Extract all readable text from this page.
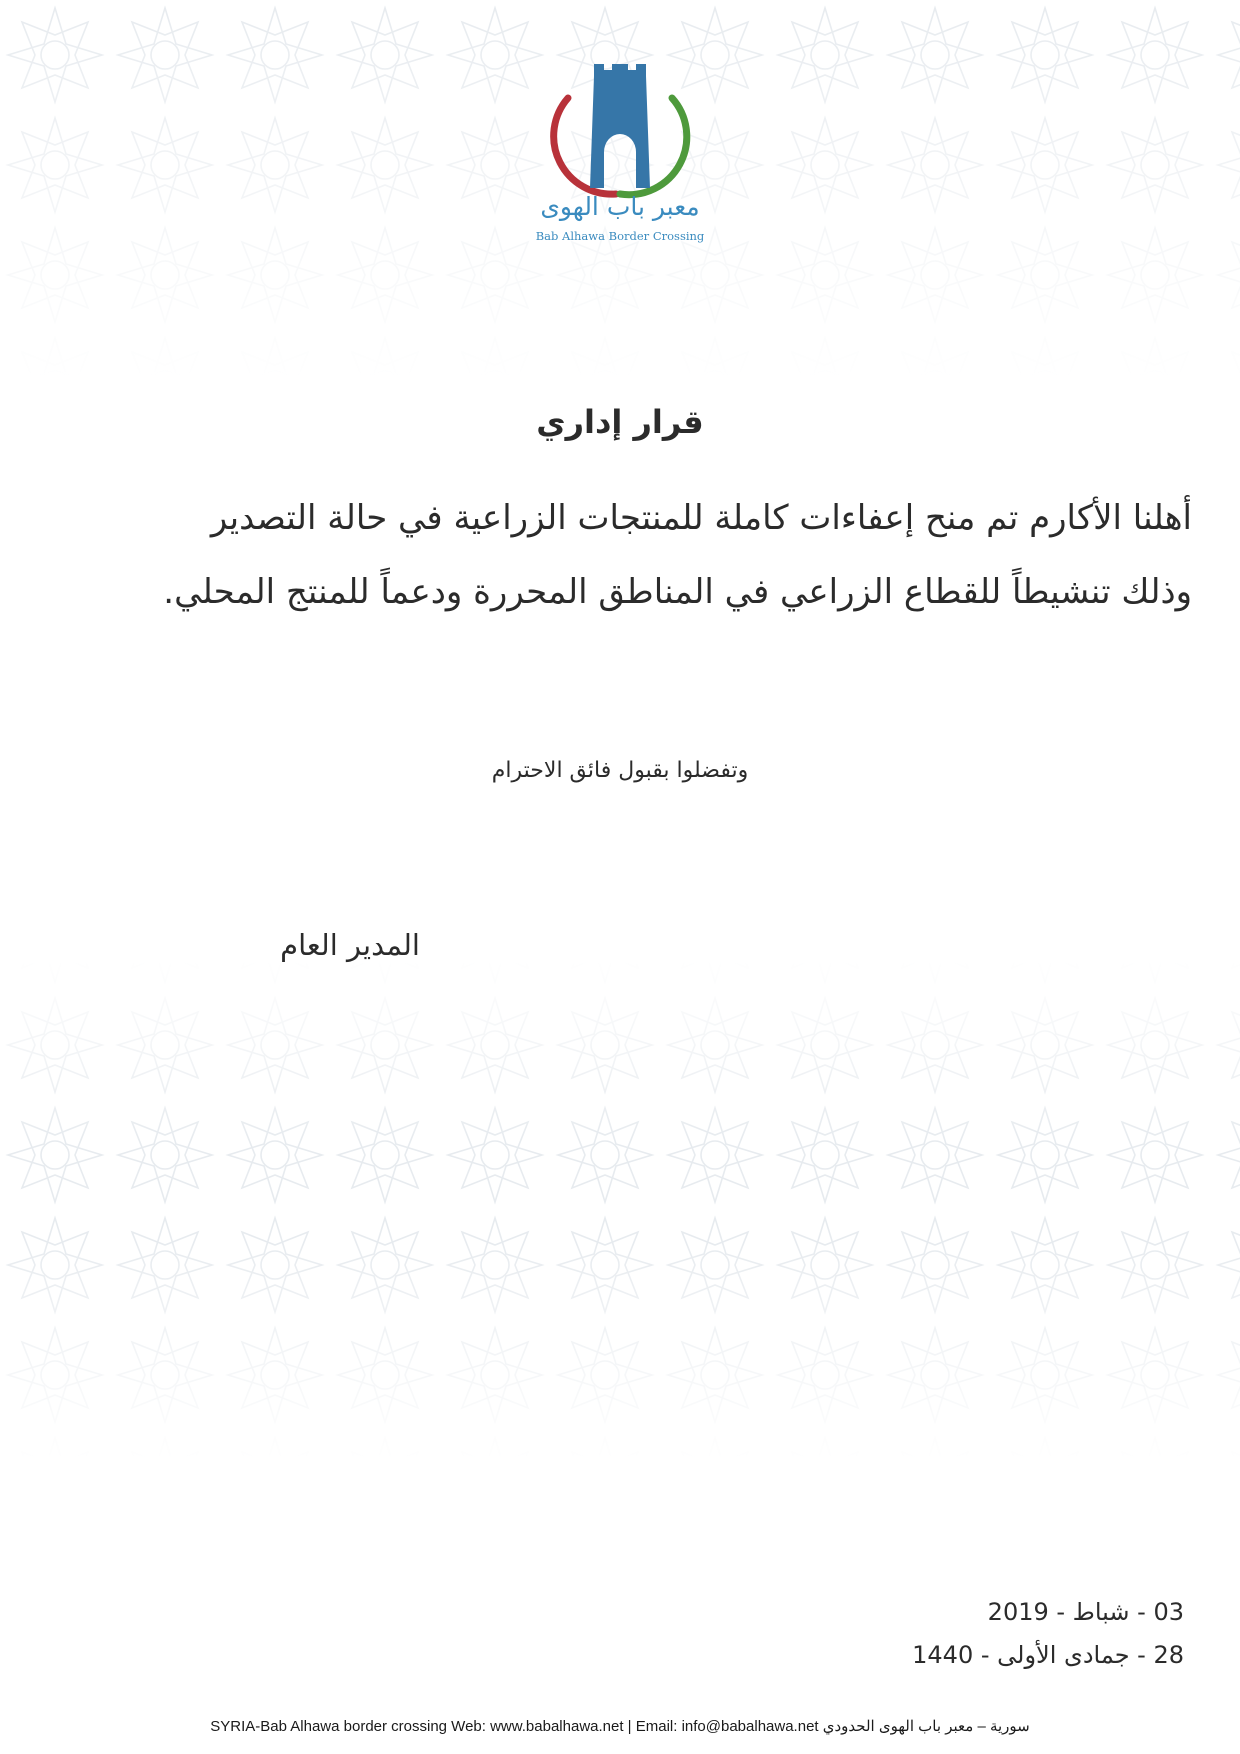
معبر باب الهوى
Bab Alhawa Border Crossing
قرار إداري
أهلنا الأكارم تم منح إعفاءات كاملة للمنتجات الزراعية في حالة التصدير
وذلك تنشيطاً للقطاع الزراعي في المناطق المحررة ودعماً للمنتج المحلي.
وتفضلوا بقبول فائق الاحترام
المدير العام
03 - شباط - 2019
28 - جمادى الأولى - 1440
SYRIA-Bab Alhawa border crossing Web: www.babalhawa.net | Email: info@babalhawa.net سورية – معبر باب الهوى الحدودي
